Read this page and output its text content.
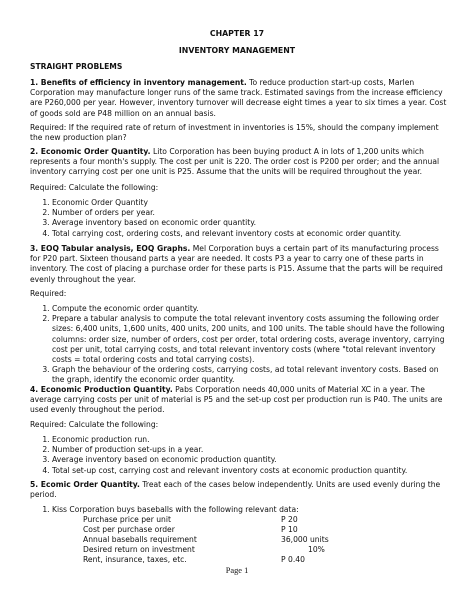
CHAPTER 17
INVENTORY MANAGEMENT
STRAIGHT PROBLEMS
1. Benefits of efficiency in inventory management. To reduce production start-up costs, Marlen Corporation may manufacture longer runs of the same track. Estimated savings from the increase efficiency are P260,000 per year. However, inventory turnover will decrease eight times a year to six times a year. Cost of goods sold are P48 million on an annual basis.
Required: If the required rate of return of investment in inventories is 15%, should the company implement the new production plan?
2. Economic Order Quantity. Lito Corporation has been buying product A in lots of 1,200 units which represents a four month's supply. The cost per unit is 220. The order cost is P200 per order; and the annual inventory carrying cost per one unit is P25. Assume that the units will be required throughout the year.
Required: Calculate the following:
1. Economic Order Quantity
2. Number of orders per year.
3. Average inventory based on economic order quantity.
4. Total carrying cost, ordering costs, and relevant inventory costs at economic order quantity.
3. EOQ Tabular analysis, EOQ Graphs. Mel Corporation buys a certain part of its manufacturing process for P20 part. Sixteen thousand parts a year are needed. It costs P3 a year to carry one of these parts in inventory. The cost of placing a purchase order for these parts is P15. Assume that the parts will be required evenly throughout the year.
Required:
1. Compute the economic order quantity.
2. Prepare a tabular analysis to compute the total relevant inventory costs assuming the following order sizes: 6,400 units, 1,600 units, 400 units, 200 units, and 100 units. The table should have the following columns: order size, number of orders, cost per order, total ordering costs, average inventory, carrying cost per unit, total carrying costs, and total relevant inventory costs (where "total relevant inventory costs = total ordering costs and total carrying costs).
3. Graph the behaviour of the ordering costs, carrying costs, ad total relevant inventory costs. Based on the graph, identify the economic order quantity.
4. Economic Production Quantity. Pabs Corporation needs 40,000 units of Material XC in a year. The average carrying costs per unit of material is P5 and the set-up cost per production run is P40. The units are used evenly throughout the period.
Required: Calculate the following:
1. Economic production run.
2. Number of production set-ups in a year.
3. Average inventory based on economic production quantity.
4. Total set-up cost, carrying cost and relevant inventory costs at economic production quantity.
5. Ecomic Order Quantity. Treat each of the cases below independently. Units are used evenly during the period.
1. Kiss Corporation buys baseballs with the following relevant data:
Purchase price per unit	P 20
Cost per purchase order	P 10
Annual baseballs requirement	36,000 units
Desired return on investment	10%
Rent, insurance, taxes, etc.	P 0.40
Page 1
